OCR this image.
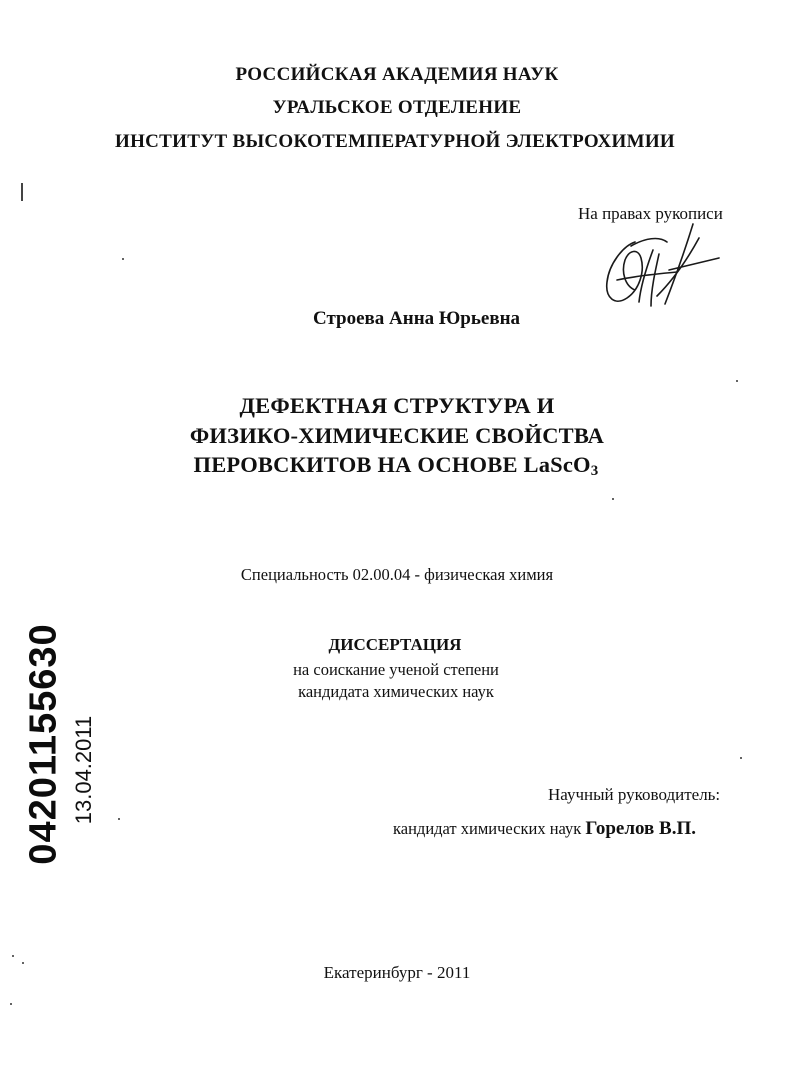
РОССИЙСКАЯ АКАДЕМИЯ НАУК
УРАЛЬСКОЕ ОТДЕЛЕНИЕ
ИНСТИТУТ ВЫСОКОТЕМПЕРАТУРНОЙ ЭЛЕКТРОХИМИИ
На правах рукописи
Строева Анна Юрьевна
ДЕФЕКТНАЯ СТРУКТУРА И
ФИЗИКО-ХИМИЧЕСКИЕ СВОЙСТВА
ПЕРОВСКИТОВ НА ОСНОВЕ LaScO$_3$
Специальность 02.00.04 - физическая химия
ДИССЕРТАЦИЯ
на соискание ученой степени
кандидата химических наук
Научный руководитель:
кандидат химических наук Горелов В.П.
Екатеринбург - 2011
04201155630 13.04.2011
